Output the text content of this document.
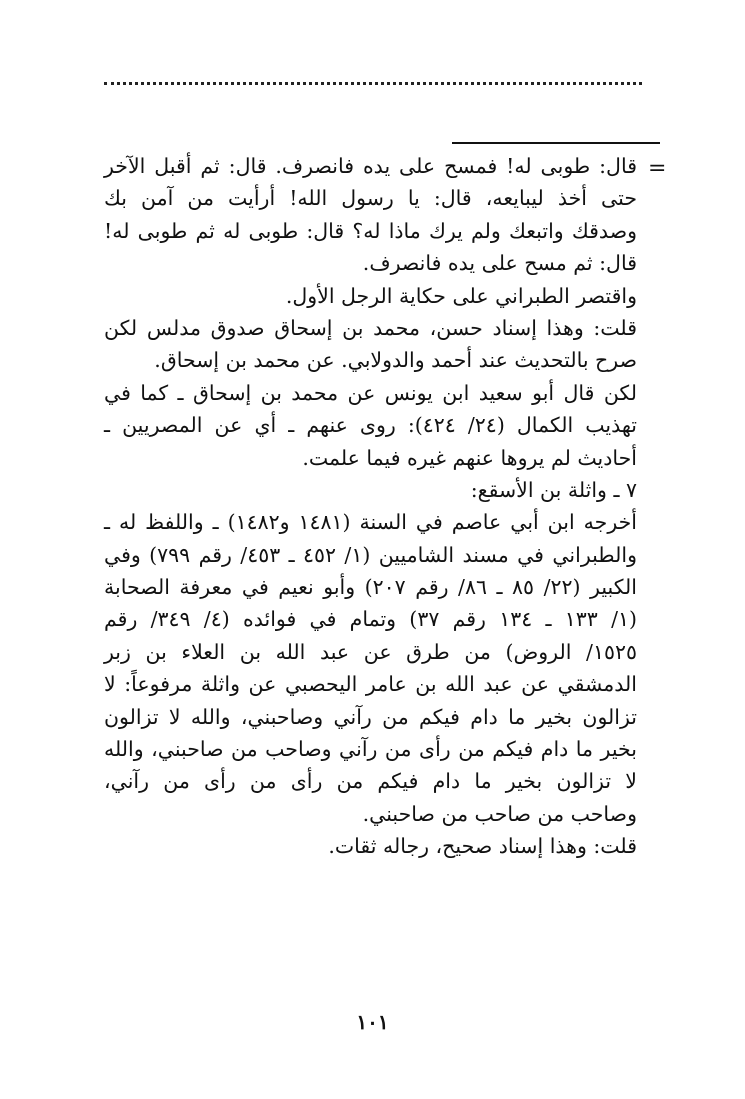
=
قال: طوبى له! فمسح على يده فانصرف. قال: ثم أقبل الآخر
حتى أخذ ليبايعه، قال: يا رسول الله! أرأيت من آمن بك
وصدقك واتبعك ولم يرك ماذا له؟ قال: طوبى له ثم طوبى له!
قال: ثم مسح على يده فانصرف.
واقتصر الطبراني على حكاية الرجل الأول.
قلت: وهذا إسناد حسن، محمد بن إسحاق صدوق مدلس لكن
صرح بالتحديث عند أحمد والدولابي. عن محمد بن إسحاق.
لكن قال أبو سعيد ابن يونس عن محمد بن إسحاق ـ كما في
تهذيب الكمال (٢٤/ ٤٢٤): روى عنهم ـ أي عن المصريين ـ
أحاديث لم يروها عنهم غيره فيما علمت.
٧ ـ واثلة بن الأسقع:
أخرجه ابن أبي عاصم في السنة (١٤٨١ و١٤٨٢) ـ واللفظ له ـ
والطبراني في مسند الشاميين (١/ ٤٥٢ ـ ٤٥٣/ رقم ٧٩٩) وفي
الكبير (٢٢/ ٨٥ ـ ٨٦/ رقم ٢٠٧) وأبو نعيم في معرفة الصحابة
(١/ ١٣٣ ـ ١٣٤ رقم ٣٧) وتمام في فوائده (٤/ ٣٤٩/ رقم
١٥٢٥/ الروض) من طرق عن عبد الله بن العلاء بن زبر
الدمشقي عن عبد الله بن عامر اليحصبي عن واثلة مرفوعاً: لا
تزالون بخير ما دام فيكم من رآني وصاحبني، والله لا تزالون
بخير ما دام فيكم من رأى من رآني وصاحب من صاحبني، والله
لا تزالون بخير ما دام فيكم من رأى من رأى من رآني،
وصاحب من صاحب من صاحبني.
قلت: وهذا إسناد صحيح، رجاله ثقات.
١٠١
